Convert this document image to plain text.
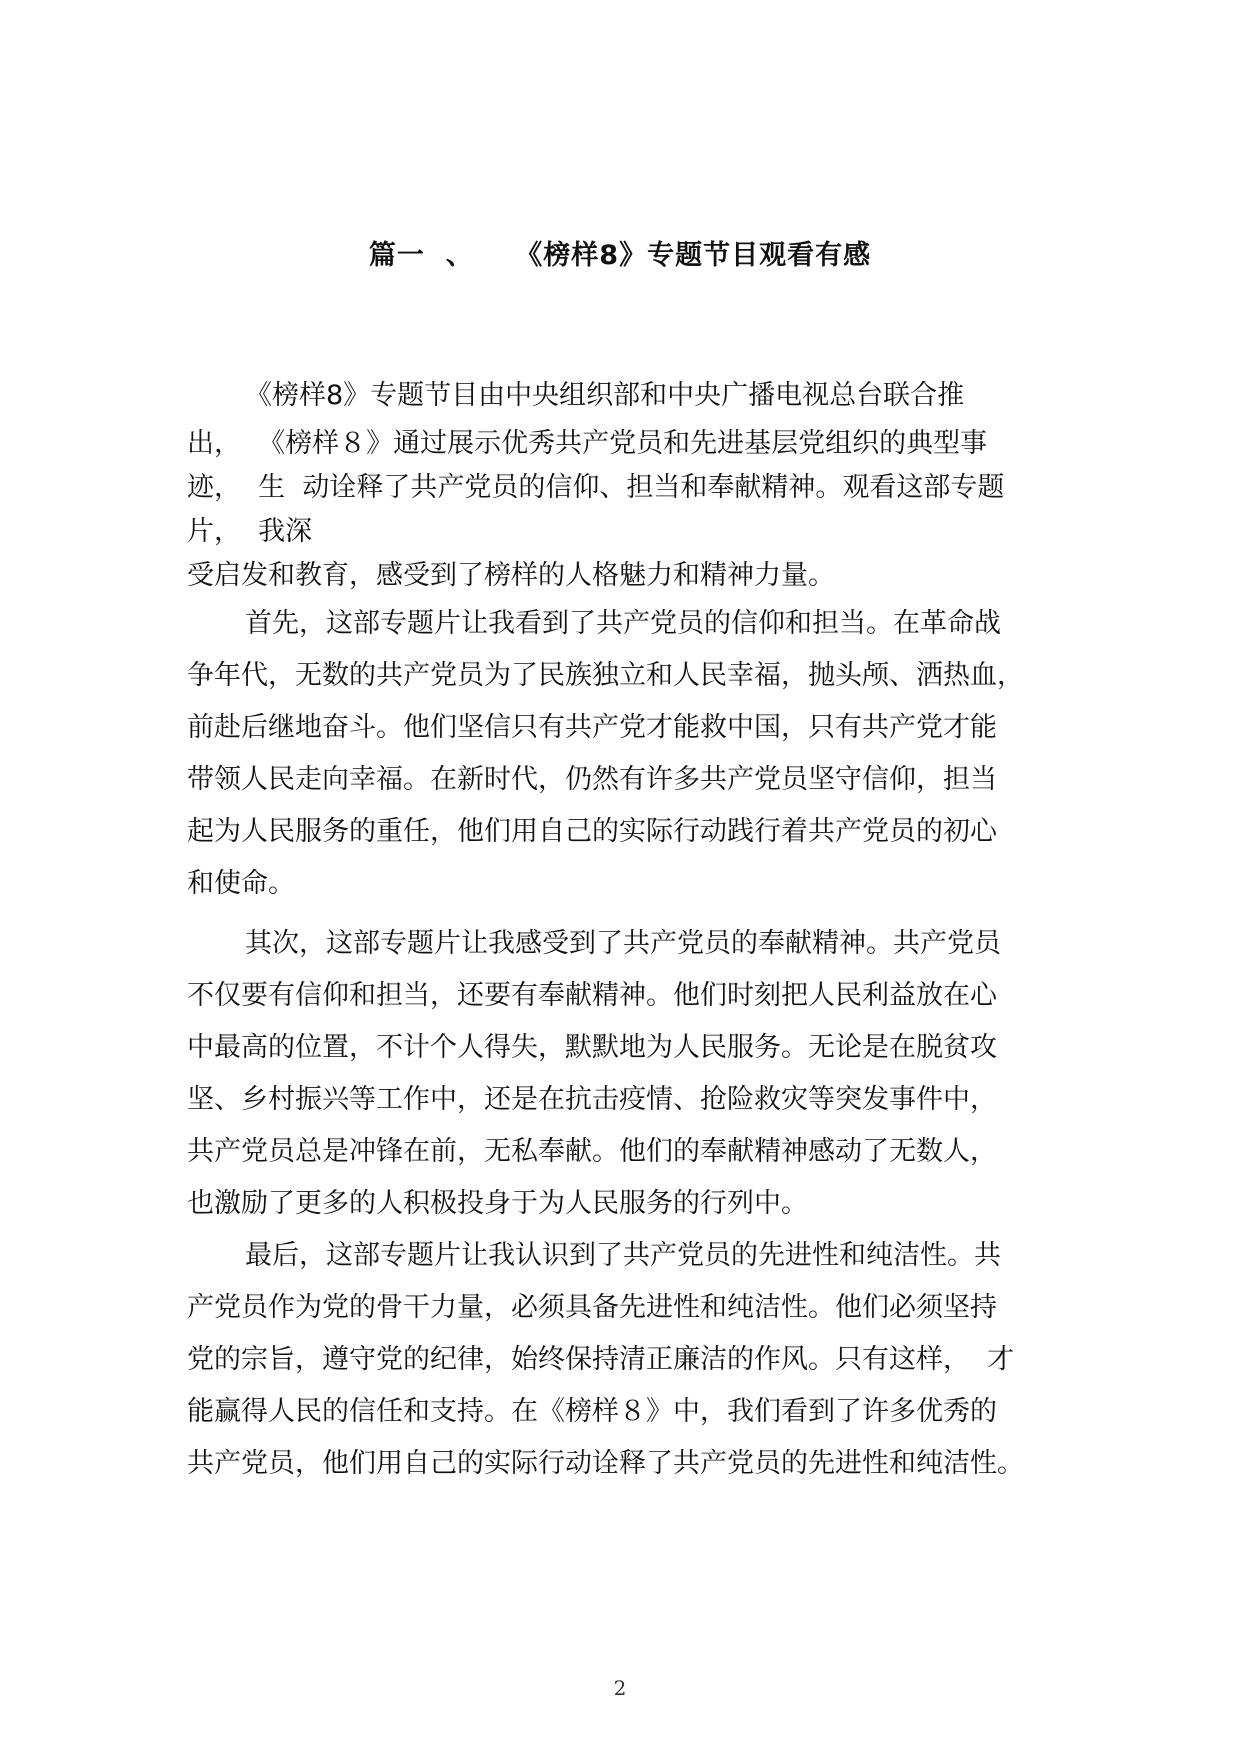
篇一  、    《榜样8》专题节目观看有感
《榜样8》专题节目由中央组织部和中央广播电视总台联合推
出，  《榜样８》通过展示优秀共产党员和先进基层党组织的典型事
迹，  生  动诠释了共产党员的信仰、担当和奉献精神。观看这部专题
片，  我深
受启发和教育，感受到了榜样的人格魅力和精神力量。
首先，这部专题片让我看到了共产党员的信仰和担当。在革命战
争年代，无数的共产党员为了民族独立和人民幸福，抛头颅、洒热血，
前赴后继地奋斗。他们坚信只有共产党才能救中国，只有共产党才能
带领人民走向幸福。在新时代，仍然有许多共产党员坚守信仰，担当
起为人民服务的重任，他们用自己的实际行动践行着共产党员的初心
和使命。
其次，这部专题片让我感受到了共产党员的奉献精神。共产党员
不仅要有信仰和担当，还要有奉献精神。他们时刻把人民利益放在心
中最高的位置，不计个人得失，默默地为人民服务。无论是在脱贫攻
坚、乡村振兴等工作中，还是在抗击疫情、抢险救灾等突发事件中，
共产党员总是冲锋在前，无私奉献。他们的奉献精神感动了无数人，
也激励了更多的人积极投身于为人民服务的行列中。
最后，这部专题片让我认识到了共产党员的先进性和纯洁性。共
产党员作为党的骨干力量，必须具备先进性和纯洁性。他们必须坚持
党的宗旨，遵守党的纪律，始终保持清正廉洁的作风。只有这样，  才
能赢得人民的信任和支持。在《榜样８》中，我们看到了许多优秀的
共产党员，他们用自己的实际行动诠释了共产党员的先进性和纯洁性。
2
